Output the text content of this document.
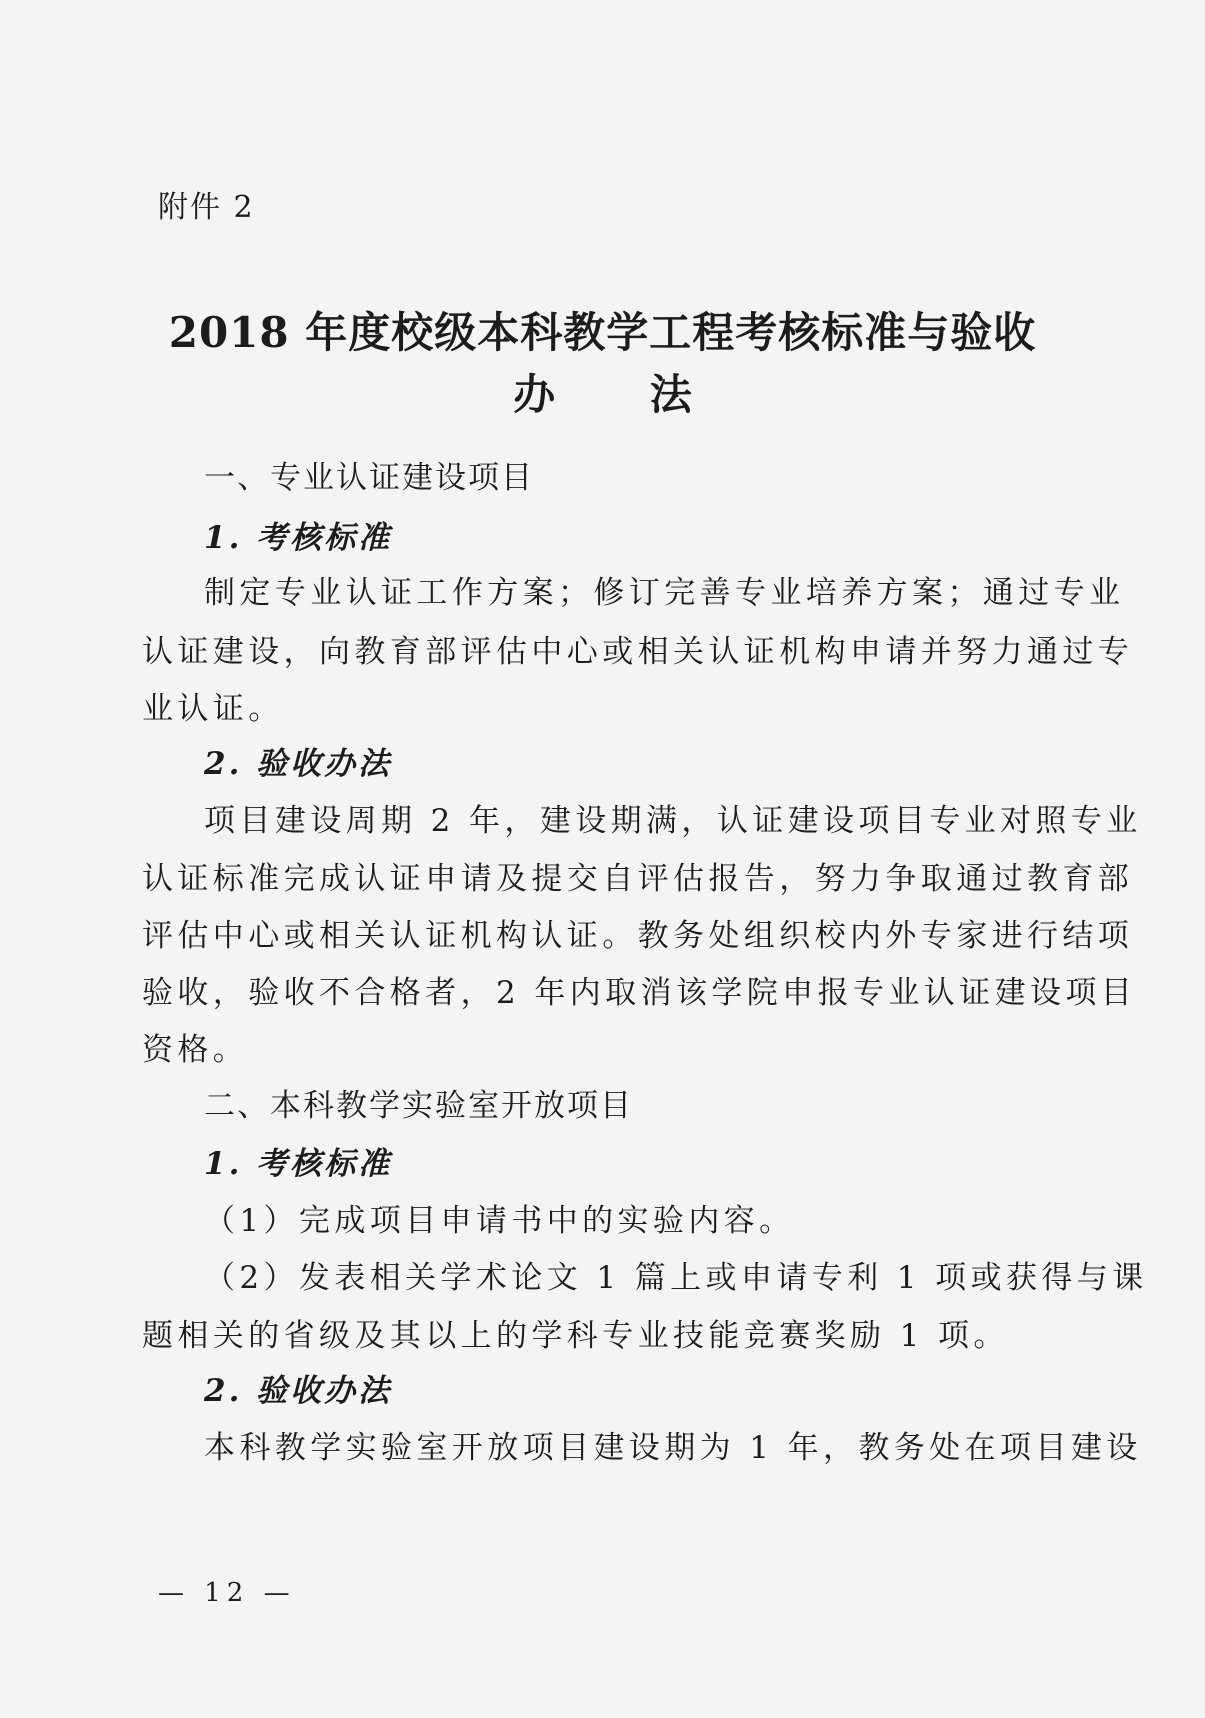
附件 2
2018 年度校级本科教学工程考核标准与验收
办 法
一、专业认证建设项目
1. 考核标准
制定专业认证工作方案；修订完善专业培养方案；通过专业
认证建设，向教育部评估中心或相关认证机构申请并努力通过专
业认证。
2. 验收办法
项目建设周期 2 年，建设期满，认证建设项目专业对照专业
认证标准完成认证申请及提交自评估报告，努力争取通过教育部
评估中心或相关认证机构认证。教务处组织校内外专家进行结项
验收，验收不合格者，2 年内取消该学院申报专业认证建设项目
资格。
二、本科教学实验室开放项目
1. 考核标准
（1）完成项目申请书中的实验内容。
（2）发表相关学术论文 1 篇上或申请专利 1 项或获得与课
题相关的省级及其以上的学科专业技能竞赛奖励 1 项。
2. 验收办法
本科教学实验室开放项目建设期为 1 年，教务处在项目建设
— 12 —
